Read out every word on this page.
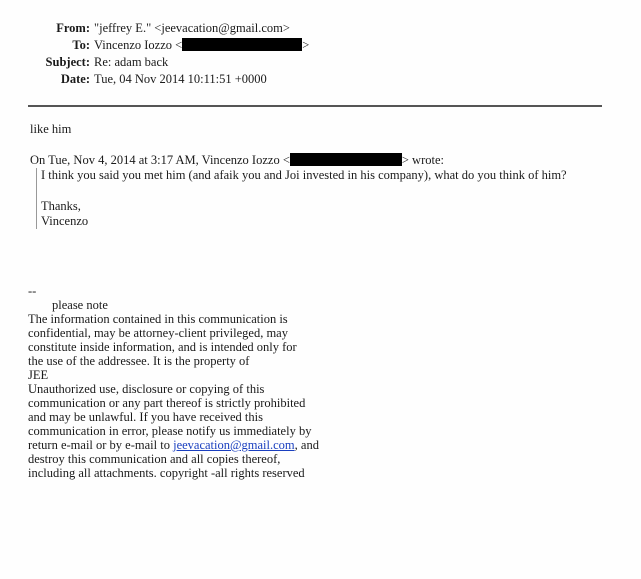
From: "jeffrey E." <jeevacation@gmail.com>
To: Vincenzo Iozzo <	>
Subject: Re: adam back
Date: Tue, 04 Nov 2014 10:11:51 +0000
like him
On Tue, Nov 4, 2014 at 3:17 AM, Vincenzo Iozzo <	> wrote:
I think you said you met him (and afaik you and Joi invested in his company), what do you think of him?
Thanks,
Vincenzo
--
please note
The information contained in this communication is
confidential, may be attorney-client privileged, may
constitute inside information, and is intended only for
the use of the addressee. It is the property of
JEE
Unauthorized use, disclosure or copying of this
communication or any part thereof is strictly prohibited
and may be unlawful. If you have received this
communication in error, please notify us immediately by
return e-mail or by e-mail to jeevacation@gmail.com, and
destroy this communication and all copies thereof,
including all attachments. copyright -all rights reserved
